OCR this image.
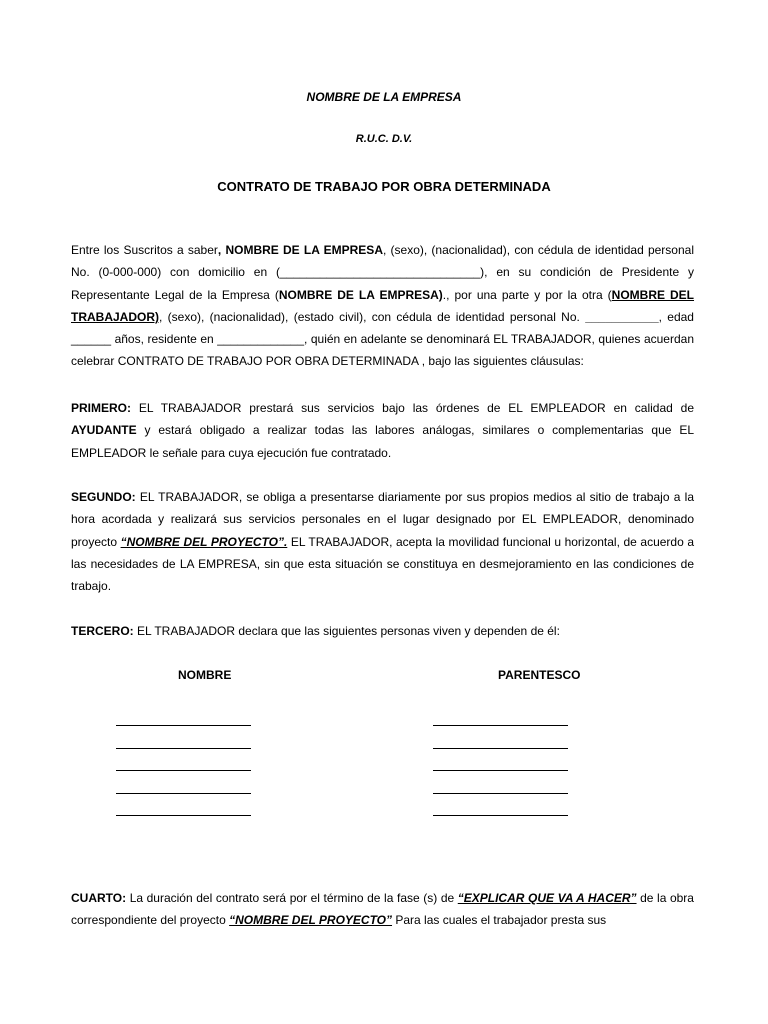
NOMBRE DE LA EMPRESA
R.U.C. D.V.
CONTRATO DE TRABAJO POR OBRA DETERMINADA

Entre los Suscritos a saber, NOMBRE DE LA EMPRESA, (sexo), (nacionalidad), con cédula de identidad personal No. (0-000-000) con domicilio en (______________________________), en su condición de Presidente y Representante Legal de la Empresa (NOMBRE DE LA EMPRESA)., por una parte y por la otra (NOMBRE DEL TRABAJADOR), (sexo), (nacionalidad), (estado civil), con cédula de identidad personal No. ___________, edad ______ años, residente en _____________, quién en adelante se denominará EL TRABAJADOR, quienes acuerdan celebrar CONTRATO DE TRABAJO POR OBRA DETERMINADA , bajo las siguientes cláusulas:

PRIMERO: EL TRABAJADOR prestará sus servicios bajo las órdenes de EL EMPLEADOR en calidad de AYUDANTE y estará obligado a realizar todas las labores análogas, similares o complementarias que EL EMPLEADOR le señale para cuya ejecución fue contratado.

SEGUNDO: EL TRABAJADOR, se obliga a presentarse diariamente por sus propios medios al sitio de trabajo a la hora acordada y realizará sus servicios personales en el lugar designado por EL EMPLEADOR, denominado proyecto “NOMBRE DEL PROYECTO”. EL TRABAJADOR, acepta la movilidad funcional u horizontal, de acuerdo a las necesidades de LA EMPRESA, sin que esta situación se constituya en desmejoramiento en las condiciones de trabajo.

TERCERO: EL TRABAJADOR declara que las siguientes personas viven y dependen de él:

NOMBRE	PARENTESCO

CUARTO: La duración del contrato será por el término de la fase (s) de “EXPLICAR QUE VA A HACER” de la obra correspondiente del proyecto “NOMBRE DEL PROYECTO” Para las cuales el trabajador presta sus
